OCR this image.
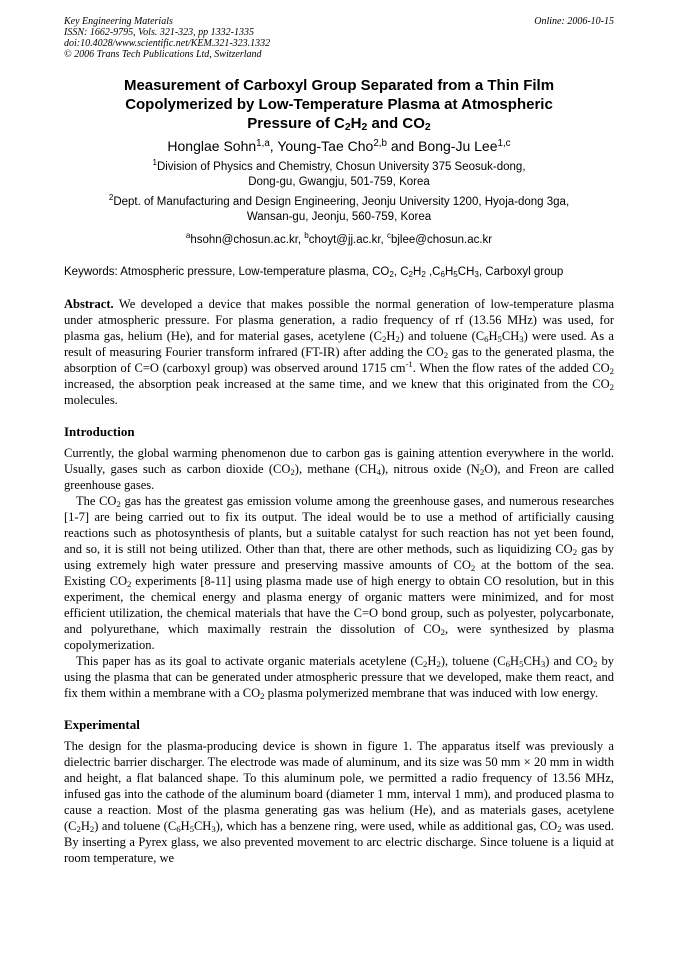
Key Engineering Materials
ISSN: 1662-9795, Vols. 321-323, pp 1332-1335
doi:10.4028/www.scientific.net/KEM.321-323.1332
© 2006 Trans Tech Publications Ltd, Switzerland
Online: 2006-10-15
Measurement of Carboxyl Group Separated from a Thin Film
Copolymerized by Low-Temperature Plasma at Atmospheric
Pressure of $C_2H_2$ and $CO_2$
Honglae Sohn$^{1,a}$, Young-Tae Cho$^{2,b}$ and Bong-Ju Lee$^{1,c}$
$^1$Division of Physics and Chemistry, Chosun University 375 Seosuk-dong,
Dong-gu, Gwangju, 501-759, Korea
$^2$Dept. of Manufacturing and Design Engineering, Jeonju University 1200, Hyoja-dong 3ga,
Wansan-gu, Jeonju, 560-759, Korea
$^a$hsohn@chosun.ac.kr, $^b$choyt@jj.ac.kr, $^c$bjlee@chosun.ac.kr
Keywords: Atmospheric pressure, Low-temperature plasma, $CO_2$, $C_2H_2$ $,C_6H_5CH_3$, Carboxyl group
Abstract. We developed a device that makes possible the normal generation of low-temperature plasma under atmospheric pressure. For plasma generation, a radio frequency of rf (13.56 MHz) was used, for plasma gas, helium (He), and for material gases, acetylene $(C_2H_2)$ and toluene $(C_6H_5CH_3)$ were used. As a result of measuring Fourier transform infrared (FT-IR) after adding the $CO_2$ gas to the generated plasma, the absorption of C=O (carboxyl group) was observed around 1715 $cm^{-1}$. When the flow rates of the added $CO_2$ increased, the absorption peak increased at the same time, and we knew that this originated from the $CO_2$ molecules.
Introduction

Currently, the global warming phenomenon due to carbon gas is gaining attention everywhere in the world. Usually, gases such as carbon dioxide $(CO_2)$, methane $(CH_4)$, nitrous oxide $(N_2O)$, and Freon are called greenhouse gases.

The $CO_2$ gas has the greatest gas emission volume among the greenhouse gases, and numerous researches [1-7] are being carried out to fix its output. The ideal would be to use a method of artificially causing reactions such as photosynthesis of plants, but a suitable catalyst for such reaction has not yet been found, and so, it is still not being utilized. Other than that, there are other methods, such as liquidizing $CO_2$ gas by using extremely high water pressure and preserving massive amounts of $CO_2$ at the bottom of the sea. Existing $CO_2$ experiments [8-11] using plasma made use of high energy to obtain CO resolution, but in this experiment, the chemical energy and plasma energy of organic matters were minimized, and for most efficient utilization, the chemical materials that have the C=O bond group, such as polyester, polycarbonate, and polyurethane, which maximally restrain the dissolution of $CO_2$, were synthesized by plasma copolymerization.

This paper has as its goal to activate organic materials acetylene $(C_2H_2)$, toluene $(C_6H_5CH_3)$ and $CO_2$ by using the plasma that can be generated under atmospheric pressure that we developed, make them react, and fix them within a membrane with a $CO_2$ plasma polymerized membrane that was induced with low energy.

Experimental

The design for the plasma-producing device is shown in figure 1. The apparatus itself was previously a dielectric barrier discharger. The electrode was made of aluminum, and its size was 50 mm × 20 mm in width and height, a flat balanced shape. To this aluminum pole, we permitted a radio frequency of 13.56 MHz, infused gas into the cathode of the aluminum board (diameter 1 mm, interval 1 mm), and produced plasma to cause a reaction. Most of the plasma generating gas was helium (He), and as materials gases, acetylene $(C_2H_2)$ and toluene $(C_6H_5CH_3)$, which has a benzene ring, were used, while as additional gas, $CO_2$ was used. By inserting a Pyrex glass, we also prevented movement to arc electric discharge. Since toluene is a liquid at room temperature, we
